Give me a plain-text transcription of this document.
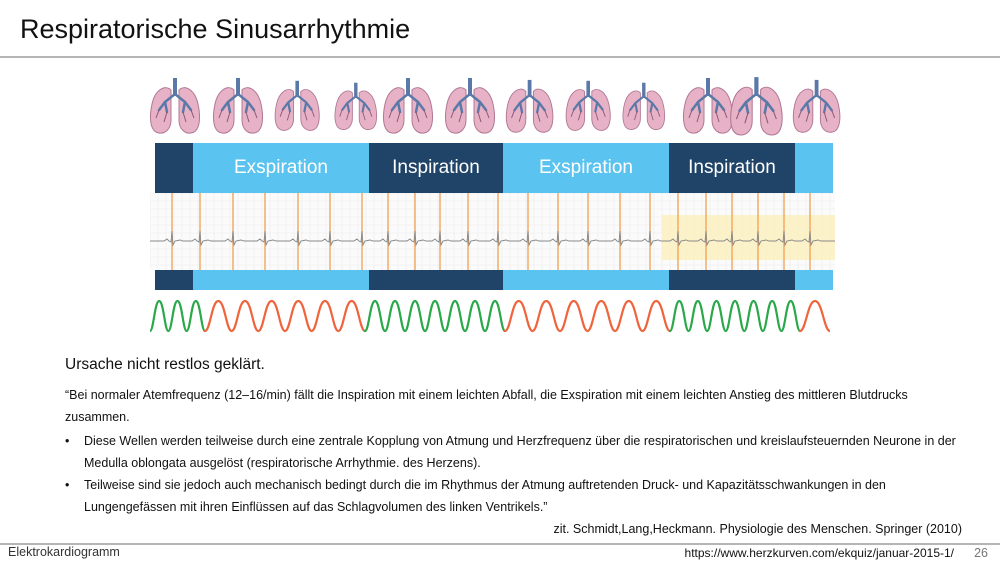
Respiratorische Sinusarrhythmie
Exspiration	Inspiration	Exspiration	Inspiration

Ursache nicht restlos geklärt.

“Bei normaler Atemfrequenz (12–16/min) fällt die Inspiration mit einem leichten Abfall, die Exspiration mit einem leichten Anstieg des mittleren Blutdrucks zusammen.

• Diese Wellen werden teilweise durch eine zentrale Kopplung von Atmung und Herzfrequenz über die respiratorischen und kreislaufsteuernden Neurone in der Medulla oblongata ausgelöst (respiratorische Arrhythmie. des Herzens).
• Teilweise sind sie jedoch auch mechanisch bedingt durch die im Rhythmus der Atmung auftretenden Druck- und Kapazitätsschwankungen in den Lungengefässen mit ihren Einflüssen auf das Schlagvolumen des linken Ventrikels.”
zit. Schmidt,Lang,Heckmann. Physiologie des Menschen. Springer (2010)
Elektrokardiogramm	https://www.herzkurven.com/ekquiz/januar-2015-1/ 26
